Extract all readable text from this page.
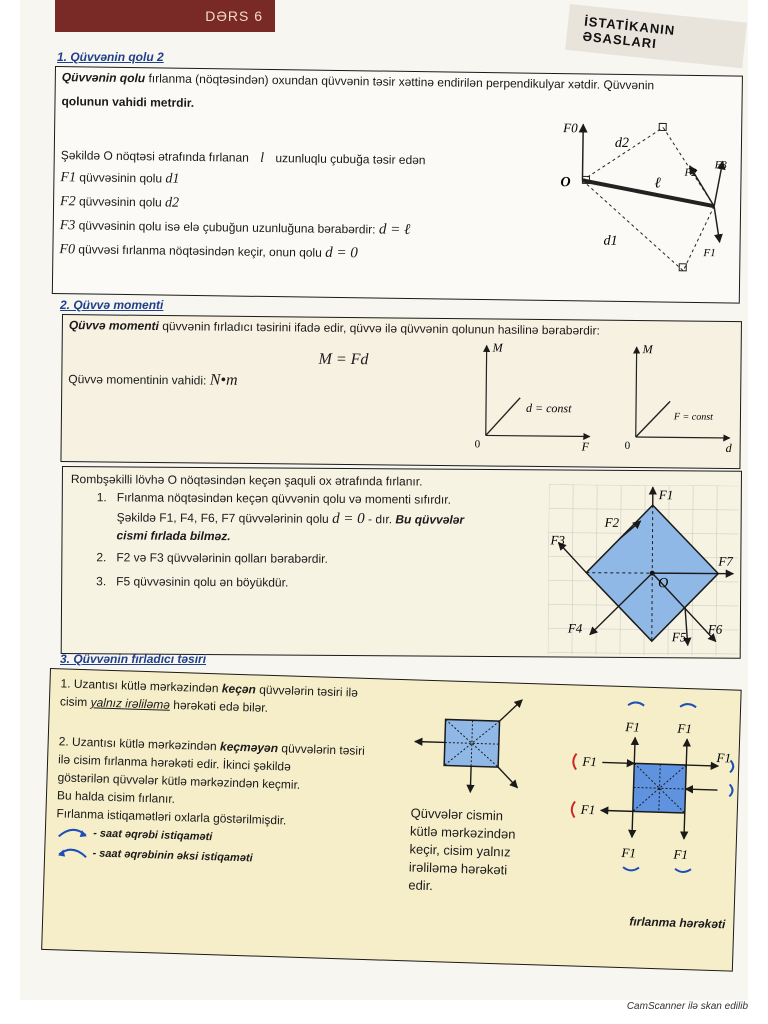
DƏRS 6	İSTATİKANIN ƏSASLARI
1. Qüvvənin qolu 2
Qüvvənin qolu fırlanma (nöqtəsindən) oxundan qüvvənin təsir xəttinə endirilən perpendikulyar xətdir. Qüvvənin
qolunun vahidi metrdir.
Şəkildə O nöqtəsi ətrafında fırlanan l uzunluqlu çubuğa təsir edən
F1 qüvvəsinin qolu d1
F2 qüvvəsinin qolu d2
F3 qüvvəsinin qolu isə elə çubuğun uzunluğuna bərabərdir: d = ℓ
F0 qüvvəsi fırlanma nöqtəsindən keçir, onun qolu d = 0
F0
d2
F2
F3
O	ℓ
d1
F1
2. Qüvvə momenti
Qüvvə momenti qüvvənin fırladıcı təsirini ifadə edir, qüvvə ilə qüvvənin qolunun hasilinə bərabərdir:
M = Fd
Qüvvə momentinin vahidi: N•m
M
F
0
d = const
M
d
0
F = const
Rombşəkilli lövhə O nöqtəsindən keçən şaquli ox ətrafında fırlanır.
1. Fırlanma nöqtəsindən keçən qüvvənin qolu və momenti sıfırdır.
Şəkildə F1, F4, F6, F7 qüvvələrinin qolu d = 0 - dır. Bu qüvvələr
cismi fırlada bilməz.
2. F2 və F3 qüvvələrinin qolları bərabərdir.
3. F5 qüvvəsinin qolu ən böyükdür.
F1
F2
F3
O
F7
F4
F5
F6
3. Qüvvənin fırladıcı təsiri
1. Uzantısı kütlə mərkəzindən keçən qüvvələrin təsiri ilə
cisim yalnız irəliləmə hərəkəti edə bilər.
2. Uzantısı kütlə mərkəzindən keçməyən qüvvələrin təsiri
ilə cisim fırlanma hərəkəti edir. İkinci şəkildə
göstərilən qüvvələr kütlə mərkəzindən keçmir.
Bu halda cisim fırlanır.
Fırlanma istiqamətləri oxlarla göstərilmişdir.
- saat əqrəbi istiqaməti
- saat əqrəbinin əksi istiqaməti
Qüvvələr cismin
kütlə mərkəzindən
keçir, cisim yalnız
irəliləmə hərəkəti
edir.
F1	F1
F1
F1
F1
F1	F1
fırlanma hərəkəti
CamScanner ilə skan edilib
